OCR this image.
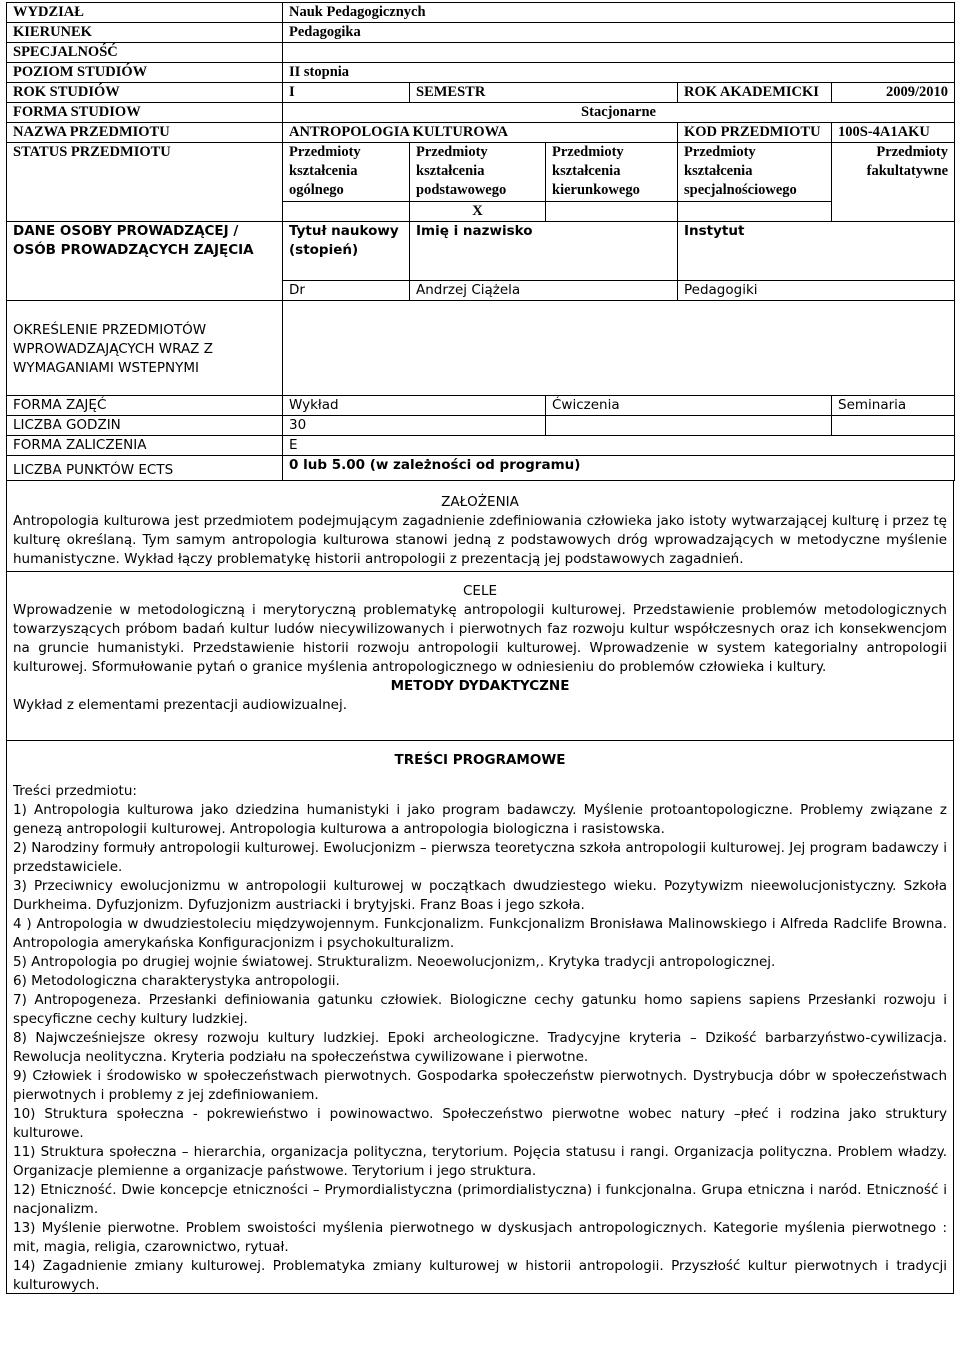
WYDZIAŁ	Nauk Pedagogicznych				
KIERUNEK	Pedagogika				
SPECJALNOŚĆ					
POZIOM STUDIÓW	II stopnia				
ROK STUDIÓW	I	SEMESTR		ROK AKADEMICKI	2009/2010
FORMA STUDIOW	Stacjonarne				
NAZWA PRZEDMIOTU	ANTROPOLOGIA KULTUROWA			KOD PRZEDMIOTU	100S-4A1AKU
STATUS PRZEDMIOTU	Przedmioty kształcenia ogólnego	Przedmioty kształcenia podstawowego	Przedmioty kształcenia kierunkowego	Przedmioty kształcenia specjalnościowego	Przedmioty fakultatywne
		X			
DANE OSOBY PROWADZĄCEJ / OSÓB PROWADZĄCYCH ZAJĘCIA	Tytuł naukowy (stopień)	Imię i nazwisko		Instytut	
	Dr	Andrzej Ciążela		Pedagogiki	
OKREŚLENIE PRZEDMIOTÓW WPROWADZAJĄCYCH WRAZ Z WYMAGANIAMI WSTEPNYMI					
FORMA ZAJĘĆ	Wykład		Ćwiczenia		Seminaria
LICZBA GODZIN	30				
FORMA ZALICZENIA	E				
LICZBA PUNKTÓW ECTS	0 lub 5.00 (w zależności od programu)				

ZAŁOŻENIA

Antropologia kulturowa jest przedmiotem podejmującym zagadnienie zdefiniowania człowieka jako istoty wytwarzającej kulturę i przez tę kulturę określaną. Tym samym antropologia kulturowa stanowi jedną z podstawowych dróg wprowadzających w metodyczne myślenie humanistyczne. Wykład łączy problematykę historii antropologii z prezentacją jej podstawowych zagadnień.

CELE

Wprowadzenie w metodologiczną i merytoryczną problematykę antropologii kulturowej. Przedstawienie problemów metodologicznych towarzyszących próbom badań kultur ludów niecywilizowanych i pierwotnych faz rozwoju kultur współczesnych oraz ich konsekwencjom na gruncie humanistyki. Przedstawienie historii rozwoju antropologii kulturowej. Wprowadzenie w system kategorialny antropologii kulturowej. Sformułowanie pytań o granice myślenia antropologicznego w odniesieniu do problemów człowieka i kultury.

METODY DYDAKTYCZNE

Wykład z elementami prezentacji audiowizualnej.

TREŚCI PROGRAMOWE

Treści przedmiotu:

1) Antropologia kulturowa jako dziedzina humanistyki i jako program badawczy. Myślenie protoantopologiczne. Problemy związane z genezą antropologii kulturowej. Antropologia kulturowa a antropologia biologiczna i rasistowska.

2) Narodziny formuły antropologii kulturowej. Ewolucjonizm – pierwsza teoretyczna szkoła antropologii kulturowej. Jej program badawczy i przedstawiciele.

3) Przeciwnicy ewolucjonizmu w antropologii kulturowej w początkach dwudziestego wieku. Pozytywizm nieewolucjonistyczny. Szkoła Durkheima. Dyfuzjonizm. Dyfuzjonizm austriacki i brytyjski. Franz Boas i jego szkoła.

4 ) Antropologia w dwudziestoleciu międzywojennym. Funkcjonalizm. Funkcjonalizm Bronisława Malinowskiego i Alfreda Radclife Browna. Antropologia amerykańska Konfiguracjonizm i psychokulturalizm.

5) Antropologia po drugiej wojnie światowej. Strukturalizm. Neoewolucjonizm,. Krytyka tradycji antropologicznej.

6) Metodologiczna charakterystyka antropologii.

7) Antropogeneza. Przesłanki definiowania gatunku człowiek. Biologiczne cechy gatunku homo sapiens sapiens Przesłanki rozwoju i specyficzne cechy kultury ludzkiej.

8) Najwcześniejsze okresy rozwoju kultury ludzkiej. Epoki archeologiczne. Tradycyjne kryteria – Dzikość barbarzyństwo-cywilizacja. Rewolucja neolityczna. Kryteria podziału na społeczeństwa cywilizowane i pierwotne.

9) Człowiek i środowisko w społeczeństwach pierwotnych. Gospodarka społeczeństw pierwotnych. Dystrybucja dóbr w społeczeństwach pierwotnych i problemy z jej zdefiniowaniem.

10) Struktura społeczna - pokrewieństwo i powinowactwo. Społeczeństwo pierwotne wobec natury –płeć i rodzina jako struktury kulturowe.

11) Struktura społeczna – hierarchia, organizacja polityczna, terytorium. Pojęcia statusu i rangi. Organizacja polityczna. Problem władzy. Organizacje plemienne a organizacje państwowe. Terytorium i jego struktura.

12) Etniczność. Dwie koncepcje etniczności – Prymordialistyczna (primordialistyczna) i funkcjonalna. Grupa etniczna i naród. Etniczność i nacjonalizm.

13) Myślenie pierwotne. Problem swoistości myślenia pierwotnego w dyskusjach antropologicznych. Kategorie myślenia pierwotnego : mit, magia, religia, czarownictwo, rytuał.

14) Zagadnienie zmiany kulturowej. Problematyka zmiany kulturowej w historii antropologii. Przyszłość kultur pierwotnych i tradycji kulturowych.
